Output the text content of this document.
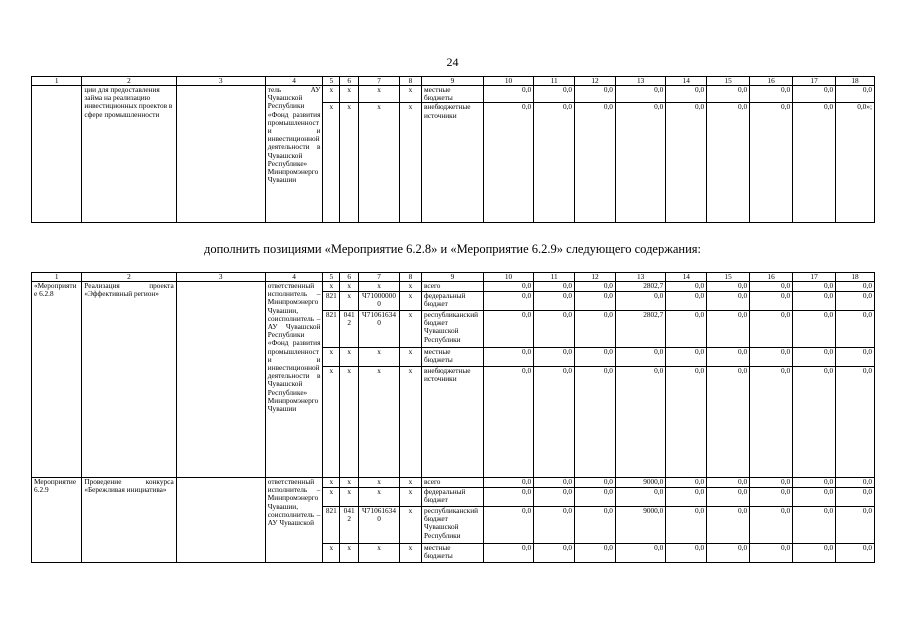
24
1	2	3	4	5	6	7	8	9	10	11	12	13	14	15	16	17	18
	ции для предоставления займа на реализацию инвестиционных проектов в сфере промышленности		тель АУ Чувашской Республики «Фонд развития промышленности и инвестиционной деятельности в Чувашской Республике» Минпромэнерго Чувашии	x	x	x	x	местные бюджеты	0,0	0,0	0,0	0,0	0,0	0,0	0,0	0,0	0,0
				x	x	x	x	внебюджетные источники	0,0	0,0	0,0	0,0	0,0	0,0	0,0	0,0	0,0»;
дополнить позициями «Мероприятие 6.2.8» и «Мероприятие 6.2.9» следующего содержания:
1	2	3	4	5	6	7	8	9	10	11	12	13	14	15	16	17	18
«Мероприятие 6.2.8	Реализация проекта «Эффективный регион»		ответственный исполнитель – Минпромэнерго Чувашии, соисполнитель – АУ Чувашской Республики «Фонд развития промышленности и инвестиционной деятельности в Чувашской Республике» Минпромэнерго Чувашии	x	x	x	x	всего	0,0	0,0	0,0	2802,7	0,0	0,0	0,0	0,0	0,0
				821	x	Ч710000000	x	федеральный бюджет	0,0	0,0	0,0	0,0	0,0	0,0	0,0	0,0	0,0
				821	0412	Ч710616340	x	республиканский бюджет Чувашской Республики	0,0	0,0	0,0	2802,7	0,0	0,0	0,0	0,0	0,0
				x	x	x	x	местные бюджеты	0,0	0,0	0,0	0,0	0,0	0,0	0,0	0,0	0,0
				x	x	x	x	внебюджетные источники	0,0	0,0	0,0	0,0	0,0	0,0	0,0	0,0	0,0
Мероприятие 6.2.9	Проведение конкурса «Бережливая инициатива»		ответственный исполнитель – Минпромэнерго Чувашии, соисполнитель – АУ Чувашской	x	x	x	x	всего	0,0	0,0	0,0	9000,0	0,0	0,0	0,0	0,0	0,0
				x	x	x	x	федеральный бюджет	0,0	0,0	0,0	0,0	0,0	0,0	0,0	0,0	0,0
				821	0412	Ч710616340	x	республиканский бюджет Чувашской Республики	0,0	0,0	0,0	9000,0	0,0	0,0	0,0	0,0	0,0
				x	x	x	x	местные бюджеты	0,0	0,0	0,0	0,0	0,0	0,0	0,0	0,0	0,0
